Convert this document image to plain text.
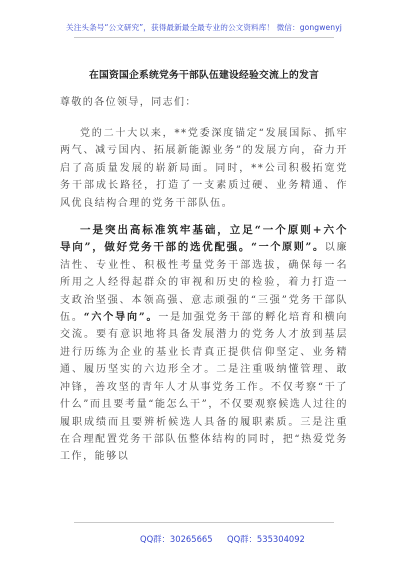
关注头条号“公文研究”，获得最新最全最专业的公文资料库！ 微信：gongwenyj
在国资国企系统党务干部队伍建设经验交流上的发言

尊敬的各位领导，同志们：

党的二十大以来，**党委深度锚定“发展国际、抓牢两气、减亏国内、拓展新能源业务”的发展方向，奋力开启了高质量发展的崭新局面。同时，**公司积极拓宽党务干部成长路径，打造了一支素质过硬、业务精通、作风优良结构合理的党务干部队伍。

一是突出高标准筑牢基础，立足“一个原则+六个导向”，做好党务干部的选优配强。“一个原则”。以廉洁性、专业性、积极性考量党务干部选拔，确保每一名所用之人经得起群众的审视和历史的检验，着力打造一支政治坚强、本领高强、意志顽强的“三强”党务干部队伍。“六个导向”。一是加强党务干部的孵化培育和横向交流。要有意识地将具备发展潜力的党务人才放到基层进行历练为企业的基业长青真正提供信仰坚定、业务精通、履历坚实的六边形全才。二是注重吸纳懂管理、敢冲锋，善攻坚的青年人才从事党务工作。不仅考察“干了什么”而且要考量“能怎么干”，不仅要观察候选人过往的履职成绩而且要辨析候选人具备的履职素质。三是注重在合理配置党务干部队伍整体结构的同时，把“热爱党务工作，能够以

QQ群：30265665 QQ群：535304092
